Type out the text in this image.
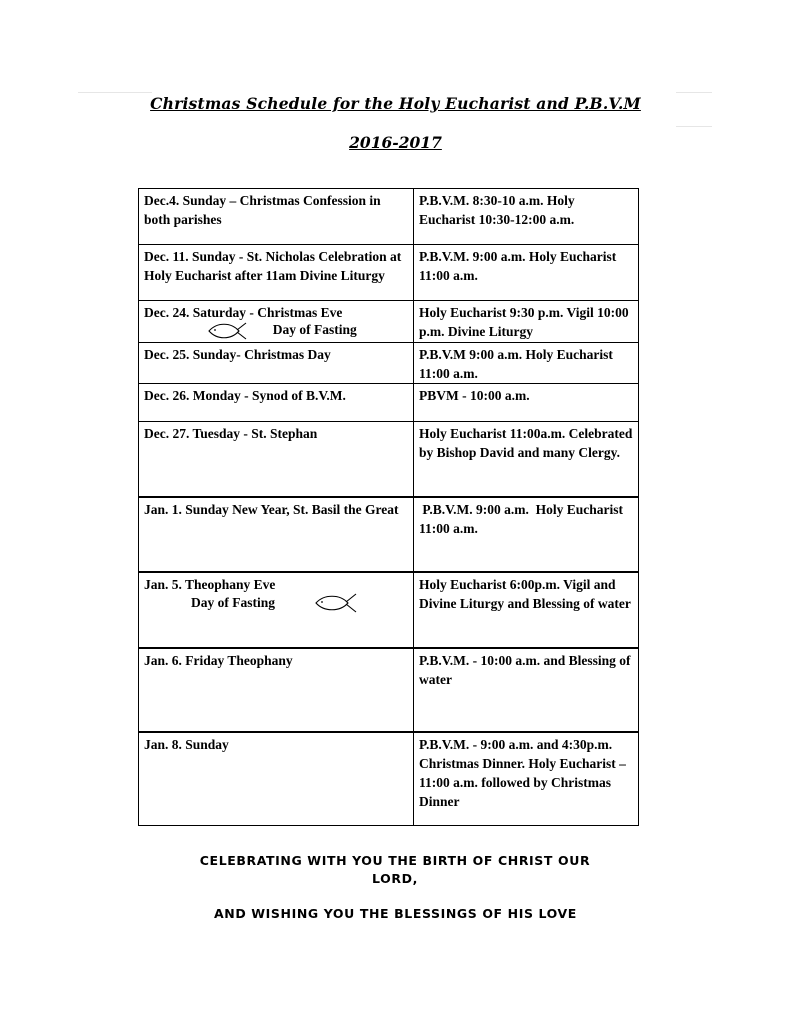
Christmas Schedule for the Holy Eucharist and P.B.V.M
2016-2017
Dec.4. Sunday – Christmas Confession in both parishes	P.B.V.M. 8:30-10 a.m. Holy Eucharist 10:30-12:00 a.m.
Dec. 11. Sunday - St. Nicholas Celebration at Holy Eucharist after 11am Divine Liturgy	P.B.V.M. 9:00 a.m. Holy Eucharist 11:00 a.m.

Dec. 24. Saturday - Christmas Eve
Day of Fasting	Holy Eucharist 9:30 p.m. Vigil 10:00 p.m. Divine Liturgy
Dec. 25. Sunday- Christmas Day	P.B.V.M 9:00 a.m. Holy Eucharist 11:00 a.m.
Dec. 26. Monday - Synod of B.V.M.	PBVM - 10:00 a.m.
Dec. 27. Tuesday - St. Stephan	Holy Eucharist 11:00a.m. Celebrated by Bishop David and many Clergy.
Jan. 1. Sunday New Year, St. Basil the Great	P.B.V.M. 9:00 a.m.  Holy Eucharist 11:00 a.m.

Jan. 5. Theophany Eve
Day of Fasting	Holy Eucharist 6:00p.m. Vigil and Divine Liturgy and Blessing of water
Jan. 6. Friday Theophany	P.B.V.M. - 10:00 a.m. and Blessing of water
Jan. 8. Sunday	P.B.V.M. - 9:00 a.m. and 4:30p.m. Christmas Dinner. Holy Eucharist – 11:00 a.m. followed by Christmas Dinner
CELEBRATING WITH YOU THE BIRTH OF CHRIST OUR LORD,
AND WISHING YOU THE BLESSINGS OF HIS LOVE
